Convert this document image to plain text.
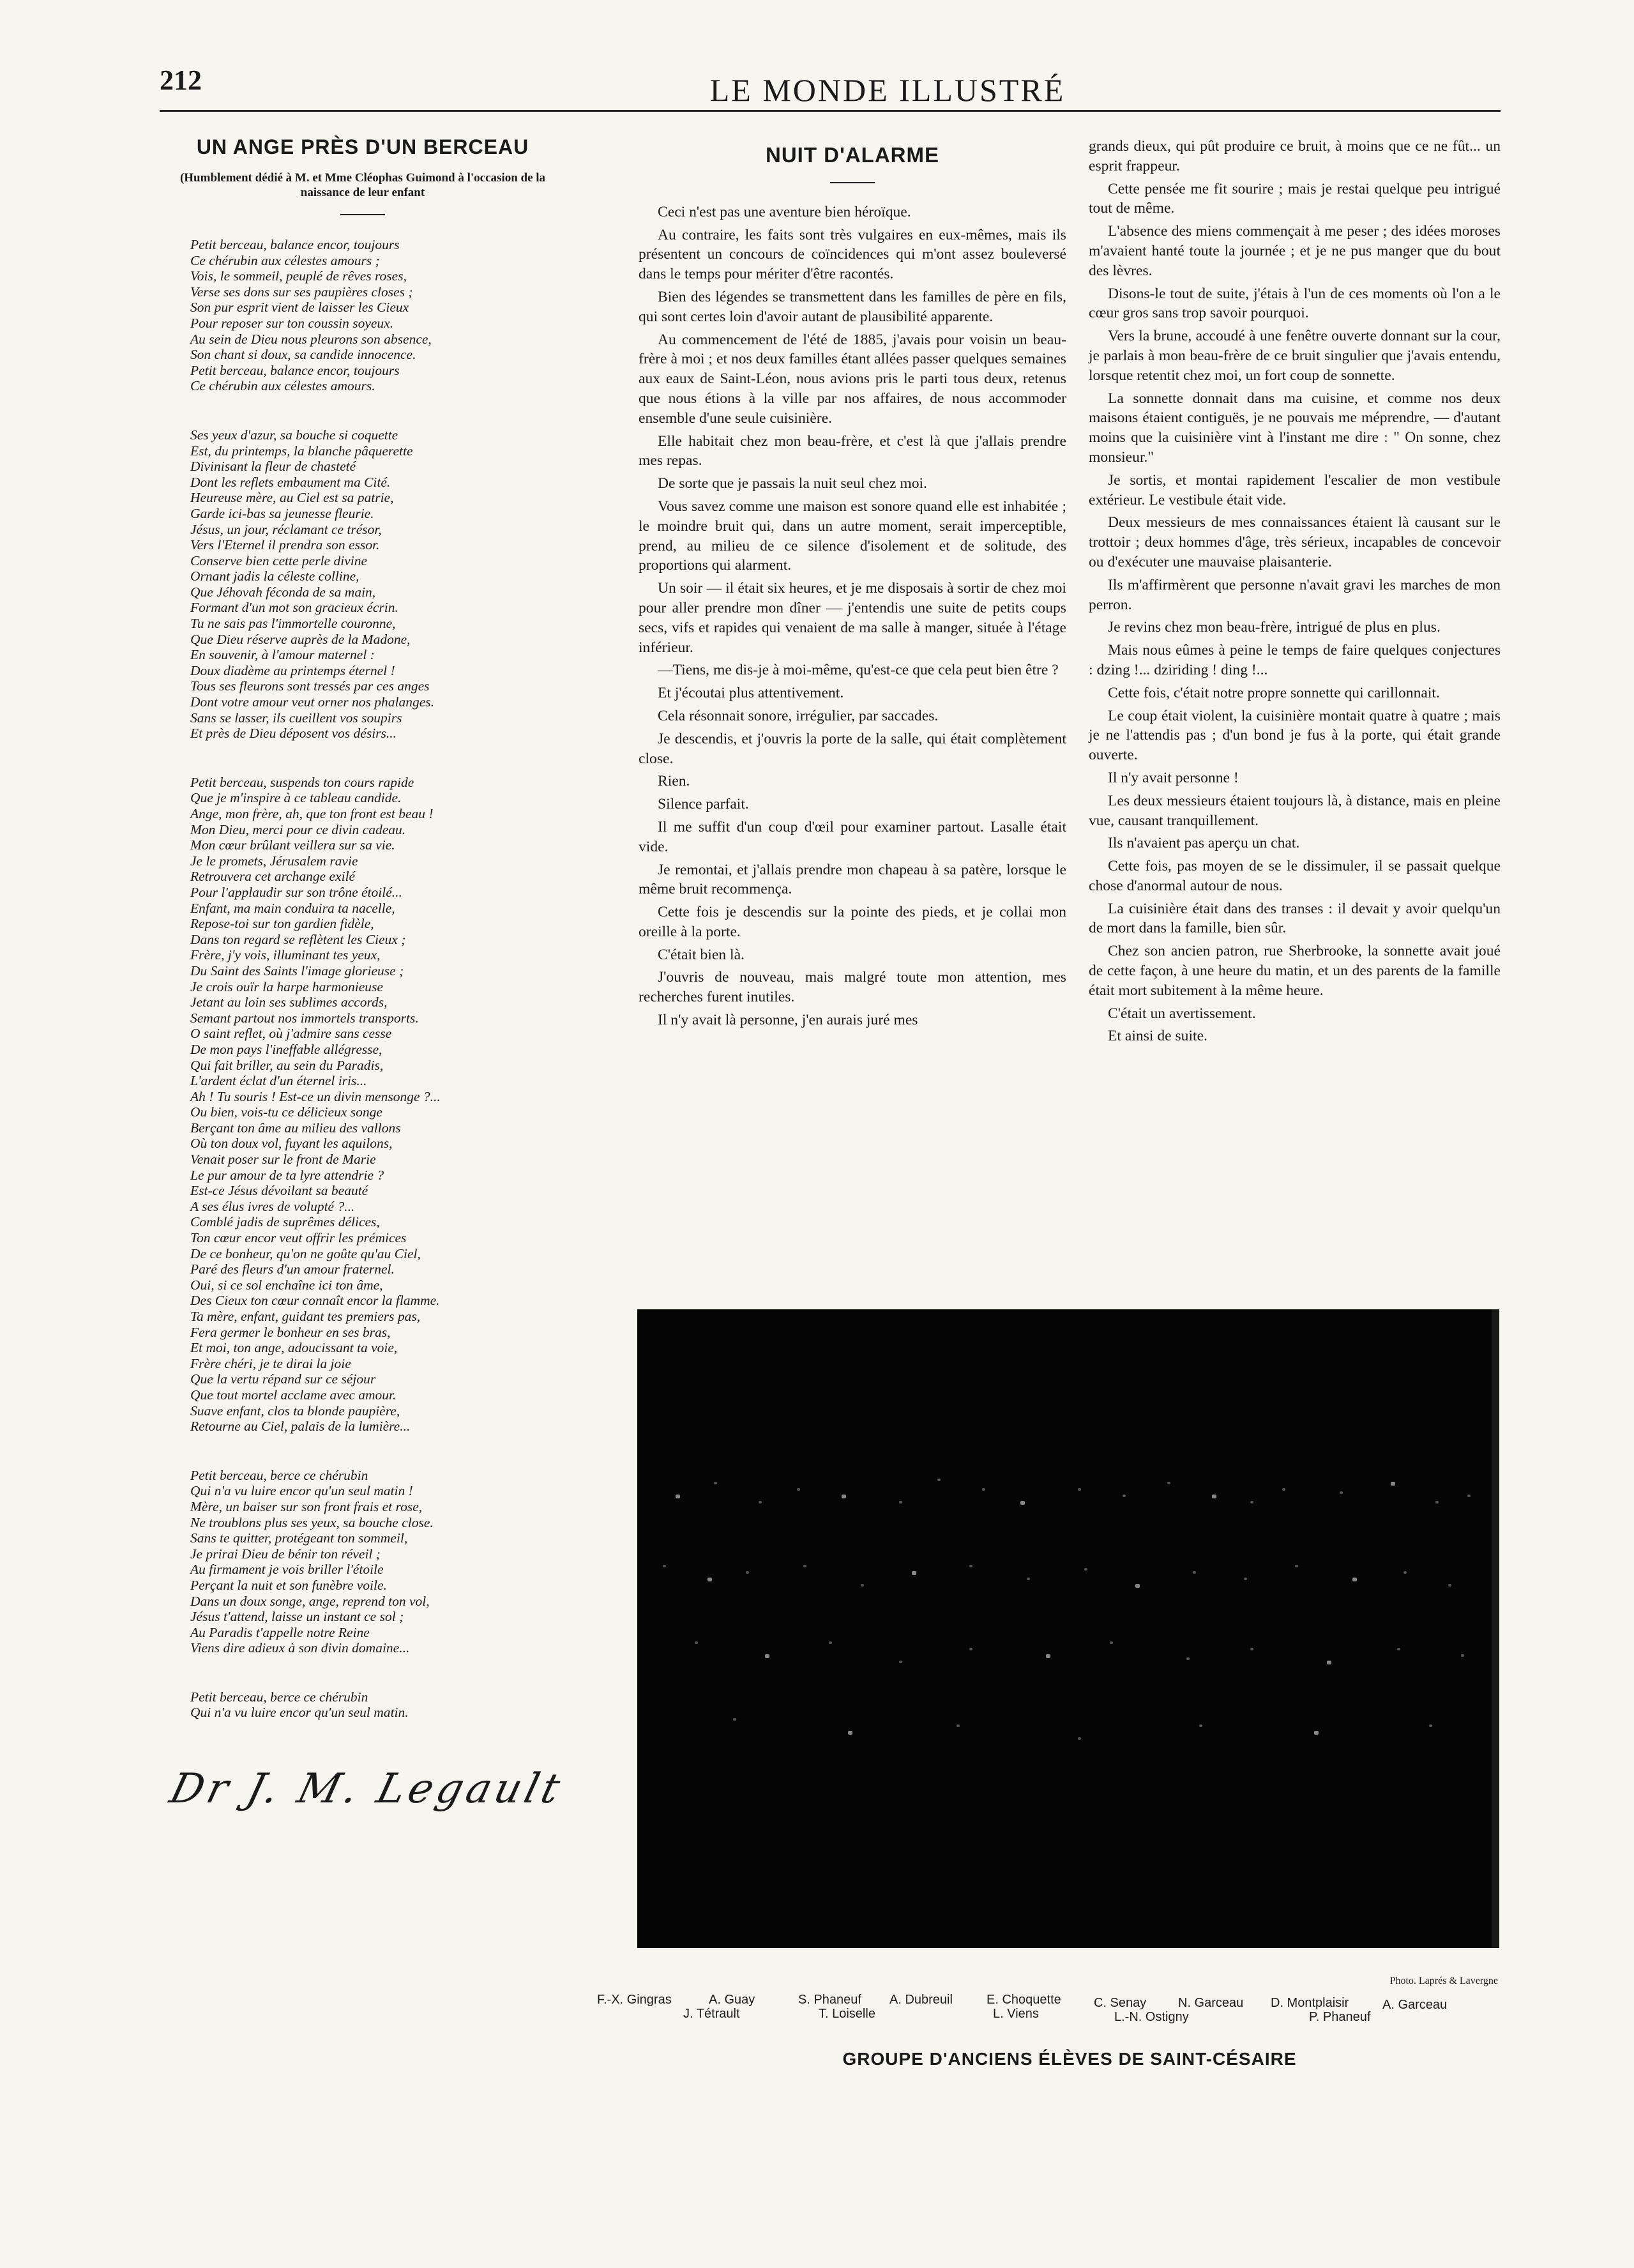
212	LE MONDE ILLUSTRÉ
UN ANGE PRÈS D'UN BERCEAU
(Humblement dédié à M. et Mme Cléophas Guimond à l'occasion de la naissance de leur enfant
Petit berceau, balance encor, toujours
Ce chérubin aux célestes amours ;
Vois, le sommeil, peuplé de rêves roses,
Verse ses dons sur ses paupières closes ;
Son pur esprit vient de laisser les Cieux
Pour reposer sur ton coussin soyeux.
Au sein de Dieu nous pleurons son absence,
Son chant si doux, sa candide innocence.
Petit berceau, balance encor, toujours
Ce chérubin aux célestes amours.
Ses yeux d'azur, sa bouche si coquette
Est, du printemps, la blanche pâquerette
Divinisant la fleur de chasteté
Dont les reflets embaument ma Cité.
Heureuse mère, au Ciel est sa patrie,
Garde ici-bas sa jeunesse fleurie.
Jésus, un jour, réclamant ce trésor,
Vers l'Eternel il prendra son essor.
Conserve bien cette perle divine
Ornant jadis la céleste colline,
Que Jéhovah féconda de sa main,
Formant d'un mot son gracieux écrin.
Tu ne sais pas l'immortelle couronne,
Que Dieu réserve auprès de la Madone,
En souvenir, à l'amour maternel :
Doux diadème au printemps éternel !
Tous ses fleurons sont tressés par ces anges
Dont votre amour veut orner nos phalanges.
Sans se lasser, ils cueillent vos soupirs
Et près de Dieu déposent vos désirs...
Petit berceau, suspends ton cours rapide
Que je m'inspire à ce tableau candide.
Ange, mon frère, ah, que ton front est beau !
Mon Dieu, merci pour ce divin cadeau.
Mon cœur brûlant veillera sur sa vie.
Je le promets, Jérusalem ravie
Retrouvera cet archange exilé
Pour l'applaudir sur son trône étoilé...
Enfant, ma main conduira ta nacelle,
Repose-toi sur ton gardien fidèle,
Dans ton regard se reflètent les Cieux ;
Frère, j'y vois, illuminant tes yeux,
Du Saint des Saints l'image glorieuse ;
Je crois ouïr la harpe harmonieuse
Jetant au loin ses sublimes accords,
Semant partout nos immortels transports.
O saint reflet, où j'admire sans cesse
De mon pays l'ineffable allégresse,
Qui fait briller, au sein du Paradis,
L'ardent éclat d'un éternel iris...
Ah ! Tu souris ! Est-ce un divin mensonge ?...
Ou bien, vois-tu ce délicieux songe
Berçant ton âme au milieu des vallons
Où ton doux vol, fuyant les aquilons,
Venait poser sur le front de Marie
Le pur amour de ta lyre attendrie ?
Est-ce Jésus dévoilant sa beauté
A ses élus ivres de volupté ?...
Comblé jadis de suprêmes délices,
Ton cœur encor veut offrir les prémices
De ce bonheur, qu'on ne goûte qu'au Ciel,
Paré des fleurs d'un amour fraternel.
Oui, si ce sol enchaîne ici ton âme,
Des Cieux ton cœur connaît encor la flamme.
Ta mère, enfant, guidant tes premiers pas,
Fera germer le bonheur en ses bras,
Et moi, ton ange, adoucissant ta voie,
Frère chéri, je te dirai la joie
Que la vertu répand sur ce séjour
Que tout mortel acclame avec amour.
Suave enfant, clos ta blonde paupière,
Retourne au Ciel, palais de la lumière...
Petit berceau, berce ce chérubin
Qui n'a vu luire encor qu'un seul matin !
Mère, un baiser sur son front frais et rose,
Ne troublons plus ses yeux, sa bouche close.
Sans te quitter, protégeant ton sommeil,
Je prirai Dieu de bénir ton réveil ;
Au firmament je vois briller l'étoile
Perçant la nuit et son funèbre voile.
Dans un doux songe, ange, reprend ton vol,
Jésus t'attend, laisse un instant ce sol ;
Au Paradis t'appelle notre Reine
Viens dire adieux à son divin domaine...
Petit berceau, berce ce chérubin
Qui n'a vu luire encor qu'un seul matin.
Dr J. M. Legault
NUIT D'ALARME

Ceci n'est pas une aventure bien héroïque.

Au contraire, les faits sont très vulgaires en eux-mêmes, mais ils présentent un concours de coïncidences qui m'ont assez bouleversé dans le temps pour mériter d'être racontés.

Bien des légendes se transmettent dans les familles de père en fils, qui sont certes loin d'avoir autant de plausibilité apparente.

Au commencement de l'été de 1885, j'avais pour voisin un beau-frère à moi ; et nos deux familles étant allées passer quelques semaines aux eaux de Saint-Léon, nous avions pris le parti tous deux, retenus que nous étions à la ville par nos affaires, de nous accommoder ensemble d'une seule cuisinière.

Elle habitait chez mon beau-frère, et c'est là que j'allais prendre mes repas.

De sorte que je passais la nuit seul chez moi.

Vous savez comme une maison est sonore quand elle est inhabitée ; le moindre bruit qui, dans un autre moment, serait imperceptible, prend, au milieu de ce silence d'isolement et de solitude, des proportions qui alarment.

Un soir — il était six heures, et je me disposais à sortir de chez moi pour aller prendre mon dîner — j'entendis une suite de petits coups secs, vifs et rapides qui venaient de ma salle à manger, située à l'étage inférieur.

—Tiens, me dis-je à moi-même, qu'est-ce que cela peut bien être ?

Et j'écoutai plus attentivement.

Cela résonnait sonore, irrégulier, par saccades.

Je descendis, et j'ouvris la porte de la salle, qui était complètement close.

Rien.

Silence parfait.

Il me suffit d'un coup d'œil pour examiner partout. Lasalle était vide.

Je remontai, et j'allais prendre mon chapeau à sa patère, lorsque le même bruit recommença.

Cette fois je descendis sur la pointe des pieds, et je collai mon oreille à la porte.

C'était bien là.

J'ouvris de nouveau, mais malgré toute mon attention, mes recherches furent inutiles.

Il n'y avait là personne, j'en aurais juré mes

grands dieux, qui pût produire ce bruit, à moins que ce ne fût... un esprit frappeur.

Cette pensée me fit sourire ; mais je restai quelque peu intrigué tout de même.

L'absence des miens commençait à me peser ; des idées moroses m'avaient hanté toute la journée ; et je ne pus manger que du bout des lèvres.

Disons-le tout de suite, j'étais à l'un de ces moments où l'on a le cœur gros sans trop savoir pourquoi.

Vers la brune, accoudé à une fenêtre ouverte donnant sur la cour, je parlais à mon beau-frère de ce bruit singulier que j'avais entendu, lorsque retentit chez moi, un fort coup de sonnette.

La sonnette donnait dans ma cuisine, et comme nos deux maisons étaient contiguës, je ne pouvais me méprendre, — d'autant moins que la cuisinière vint à l'instant me dire : " On sonne, chez monsieur."

Je sortis, et montai rapidement l'escalier de mon vestibule extérieur. Le vestibule était vide.

Deux messieurs de mes connaissances étaient là causant sur le trottoir ; deux hommes d'âge, très sérieux, incapables de concevoir ou d'exécuter une mauvaise plaisanterie.

Ils m'affirmèrent que personne n'avait gravi les marches de mon perron.

Je revins chez mon beau-frère, intrigué de plus en plus.

Mais nous eûmes à peine le temps de faire quelques conjectures : dzing !... dziriding ! ding !...

Cette fois, c'était notre propre sonnette qui carillonnait.

Le coup était violent, la cuisinière montait quatre à quatre ; mais je ne l'attendis pas ; d'un bond je fus à la porte, qui était grande ouverte.

Il n'y avait personne !

Les deux messieurs étaient toujours là, à distance, mais en pleine vue, causant tranquillement.

Ils n'avaient pas aperçu un chat.

Cette fois, pas moyen de se le dissimuler, il se passait quelque chose d'anormal autour de nous.

La cuisinière était dans des transes : il devait y avoir quelqu'un de mort dans la famille, bien sûr.

Chez son ancien patron, rue Sherbrooke, la sonnette avait joué de cette façon, à une heure du matin, et un des parents de la famille était mort subitement à la même heure.

C'était un avertissement.

Et ainsi de suite.

Photo. Laprés & Lavergne
F.-X. Gingras	A. Guay	S. Phaneuf A. Dubreuil	E. Choquette	C. Senay N. Garceau D. Montplaisir	A. Garceau
J. Tétrault	T. Loiselle	L. Viens	L.-N. Ostigny	P. Phaneuf
GROUPE D'ANCIENS ÉLÈVES DE SAINT-CÉSAIRE
